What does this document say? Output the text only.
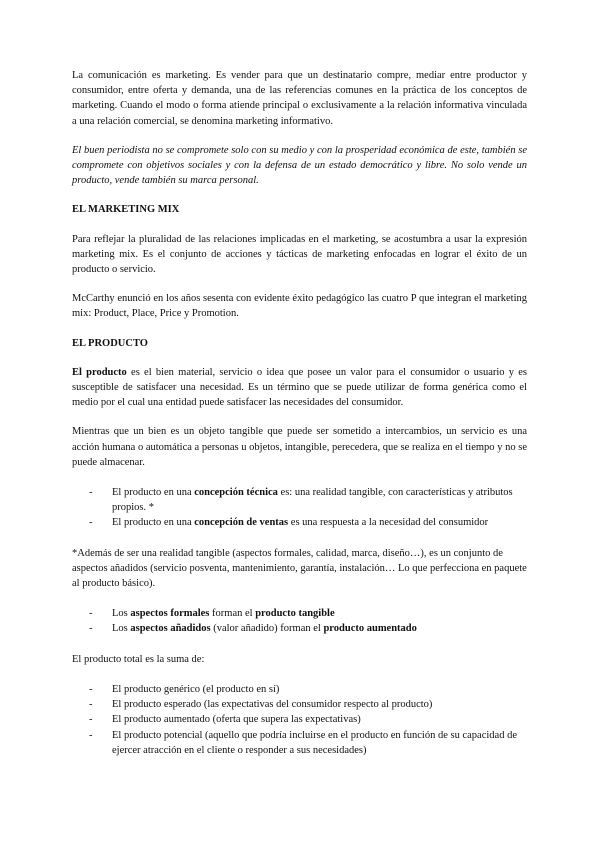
La comunicación es marketing. Es vender para que un destinatario compre, mediar entre productor y consumidor, entre oferta y demanda, una de las referencias comunes en la práctica de los conceptos de marketing. Cuando el modo o forma atiende principal o exclusivamente a la relación informativa vinculada a una relación comercial, se denomina marketing informativo.

El buen periodista no se compromete solo con su medio y con la prosperidad económica de este, también se compromete con objetivos sociales y con la defensa de un estado democrático y libre. No solo vende un producto, vende también su marca personal.

EL MARKETING MIX

Para reflejar la pluralidad de las relaciones implicadas en el marketing, se acostumbra a usar la expresión marketing mix. Es el conjunto de acciones y tácticas de marketing enfocadas en lograr el éxito de un producto o servicio.

McCarthy enunció en los años sesenta con evidente éxito pedagógico las cuatro P que integran el marketing mix: Product, Place, Price y Promotion.

EL PRODUCTO

El producto es el bien material, servicio o idea que posee un valor para el consumidor o usuario y es susceptible de satisfacer una necesidad. Es un término que se puede utilizar de forma genérica como el medio por el cual una entidad puede satisfacer las necesidades del consumidor.

Mientras que un bien es un objeto tangible que puede ser sometido a intercambios, un servicio es una acción humana o automática a personas u objetos, intangible, perecedera, que se realiza en el tiempo y no se puede almacenar.

- El producto en una concepción técnica es: una realidad tangible, con características y atributos propios. *
- El producto en una concepción de ventas es una respuesta a la necesidad del consumidor

*Además de ser una realidad tangible (aspectos formales, calidad, marca, diseño…), es un conjunto de aspectos añadidos (servicio posventa, mantenimiento, garantía, instalación… Lo que perfecciona en paquete al producto básico).

- Los aspectos formales forman el producto tangible
- Los aspectos añadidos (valor añadido) forman el producto aumentado

El producto total es la suma de:

- El producto genérico (el producto en sí)
- El producto esperado (las expectativas del consumidor respecto al producto)
- El producto aumentado (oferta que supera las expectativas)
- El producto potencial (aquello que podría incluirse en el producto en función de su capacidad de ejercer atracción en el cliente o responder a sus necesidades)
